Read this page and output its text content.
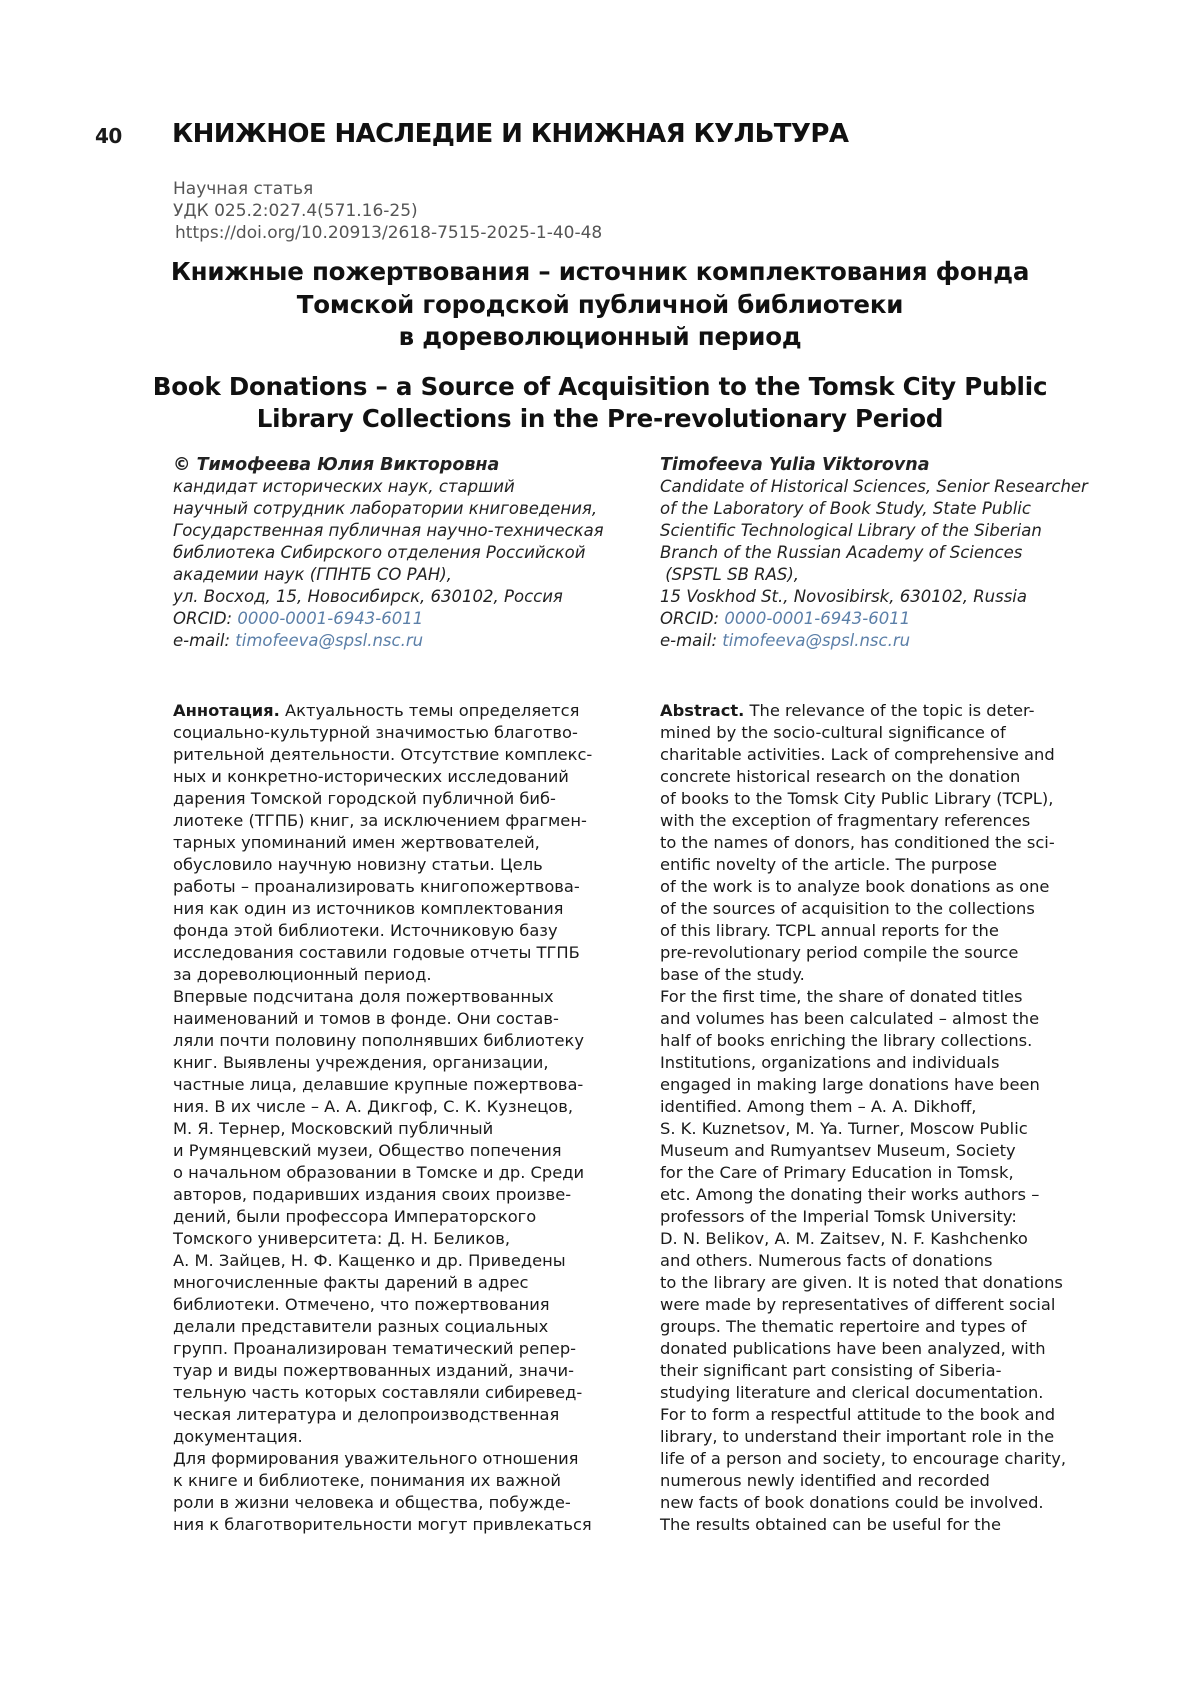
40 КНИЖНОЕ НАСЛЕДИЕ И КНИЖНАЯ КУЛЬТУРА
Научная статья
УДК 025.2:027.4(571.16-25)
https://doi.org/10.20913/2618-7515-2025-1-40-48
Книжные пожертвования – источник комплектования фонда
Томской городской публичной библиотеки
в дореволюционный период
Book Donations – a Source of Acquisition to the Tomsk City Public
Library Collections in the Pre-revolutionary Period
© Тимофеева Юлия Викторовна
кандидат исторических наук, старший
научный сотрудник лаборатории книговедения,
Государственная публичная научно-техническая
библиотека Сибирского отделения Российской
академии наук (ГПНТБ СО РАН),
ул. Восход, 15, Новосибирск, 630102, Россия
ORCID: 0000-0001-6943-6011
e-mail: timofeeva@spsl.nsc.ru
Timofeeva Yulia Viktorovna
Candidate of Historical Sciences, Senior Researcher
of the Laboratory of Book Study, State Public
Scientific Technological Library of the Siberian
Branch of the Russian Academy of Sciences
(SPSTL SB RAS),
15 Voskhod St., Novosibirsk, 630102, Russia
ORCID: 0000-0001-6943-6011
e-mail: timofeeva@spsl.nsc.ru
Аннотация. Актуальность темы определяется
социально-культурной значимостью благотво-
рительной деятельности. Отсутствие комплекс-
ных и конкретно-исторических исследований
дарения Томской городской публичной биб-
лиотеке (ТГПБ) книг, за исключением фрагмен-
тарных упоминаний имен жертвователей,
обусловило научную новизну статьи. Цель
работы – проанализировать книгопожертвова-
ния как один из источников комплектования
фонда этой библиотеки. Источниковую базу
исследования составили годовые отчеты ТГПБ
за дореволюционный период.
Впервые подсчитана доля пожертвованных
наименований и томов в фонде. Они состав-
ляли почти половину пополнявших библиотеку
книг. Выявлены учреждения, организации,
частные лица, делавшие крупные пожертвова-
ния. В их числе – А. А. Дикгоф, С. К. Кузнецов,
М. Я. Тернер, Московский публичный
и Румянцевский музеи, Общество попечения
о начальном образовании в Томске и др. Среди
авторов, подаривших издания своих произве-
дений, были профессора Императорского
Томского университета: Д. Н. Беликов,
А. М. Зайцев, Н. Ф. Кащенко и др. Приведены
многочисленные факты дарений в адрес
библиотеки. Отмечено, что пожертвования
делали представители разных социальных
групп. Проанализирован тематический репер-
туар и виды пожертвованных изданий, значи-
тельную часть которых составляли сибиревед-
ческая литература и делопроизводственная
документация.
Для формирования уважительного отношения
к книге и библиотеке, понимания их важной
роли в жизни человека и общества, побужде-
ния к благотворительности могут привлекаться
Abstract. The relevance of the topic is deter-
mined by the socio-cultural significance of
charitable activities. Lack of comprehensive and
concrete historical research on the donation
of books to the Tomsk City Public Library (TCPL),
with the exception of fragmentary references
to the names of donors, has conditioned the sci-
entific novelty of the article. The purpose
of the work is to analyze book donations as one
of the sources of acquisition to the collections
of this library. TCPL annual reports for the
pre-revolutionary period compile the source
base of the study.
For the first time, the share of donated titles
and volumes has been calculated – almost the
half of books enriching the library collections.
Institutions, organizations and individuals
engaged in making large donations have been
identified. Among them – A. A. Dikhoff,
S. K. Kuznetsov, M. Ya. Turner, Moscow Public
Museum and Rumyantsev Museum, Society
for the Care of Primary Education in Tomsk,
etc. Among the donating their works authors –
professors of the Imperial Tomsk University:
D. N. Belikov, A. M. Zaitsev, N. F. Kashchenko
and others. Numerous facts of donations
to the library are given. It is noted that donations
were made by representatives of different social
groups. The thematic repertoire and types of
donated publications have been analyzed, with
their significant part consisting of Siberia-
studying literature and clerical documentation.
For to form a respectful attitude to the book and
library, to understand their important role in the
life of a person and society, to encourage charity,
numerous newly identified and recorded
new facts of book donations could be involved.
The results obtained can be useful for the
